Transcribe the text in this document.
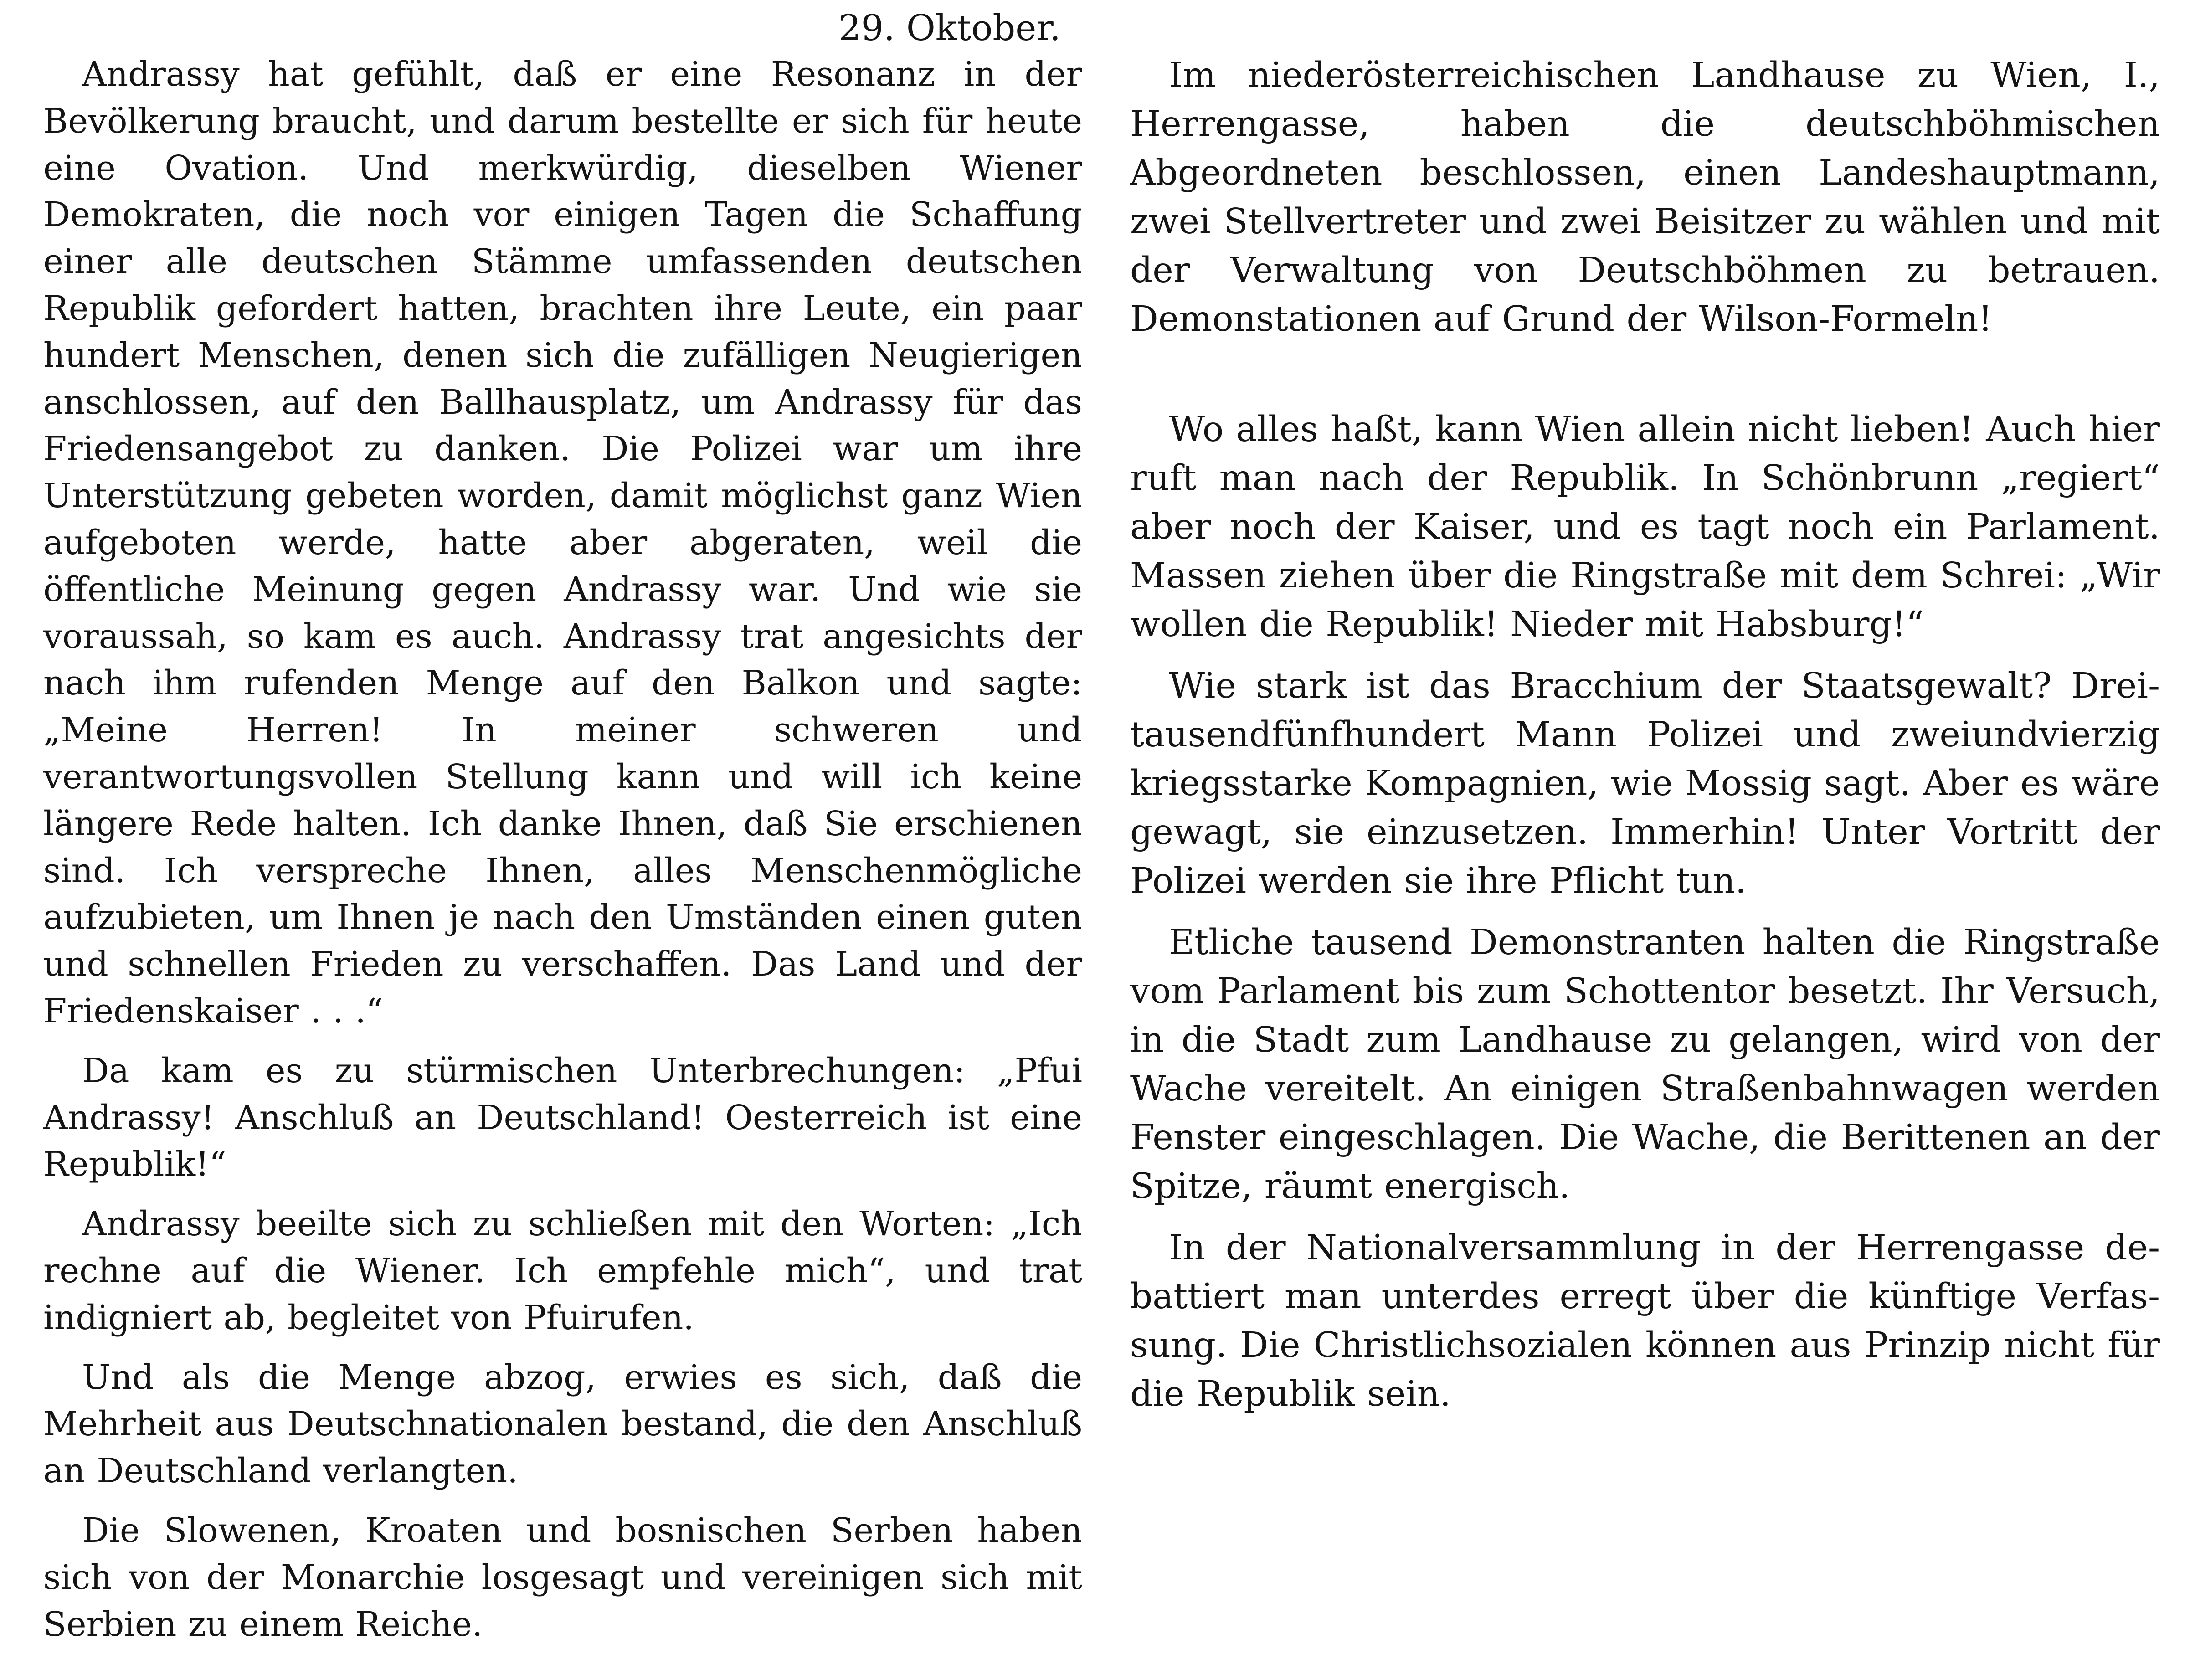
29. Oktober.

Andrassy hat gefühlt, daß er eine Resonanz in der Bevölkerung braucht, und darum bestellte er sich für heute eine Ovation. Und merkwürdig, dieselben Wiener Demokraten, die noch vor einigen Tagen die Schaffung einer alle deutschen Stämme umfassenden deutschen Republik gefordert hatten, brachten ihre Leute, ein paar hundert Menschen, denen sich die zufälligen Neugierigen anschlossen, auf den Ballhausplatz, um Andrassy für das Friedensangebot zu danken. Die Polizei war um ihre Unterstützung gebeten worden, damit möglichst ganz Wien aufgeboten werde, hatte aber abgeraten, weil die öffentliche Meinung gegen Andrassy war. Und wie sie voraussah, so kam es auch. Andrassy trat angesichts der nach ihm rufenden Menge auf den Balkon und sagte: „Meine Herren! In meiner schweren und verantwortungsvollen Stellung kann und will ich keine längere Rede halten. Ich danke Ihnen, daß Sie erschienen sind. Ich verspreche Ihnen, alles Menschenmögliche aufzubieten, um Ihnen je nach den Umständen einen guten und schnellen Frieden zu verschaffen. Das Land und der Friedenskaiser . . .“

Da kam es zu stürmischen Unterbrechungen: „Pfui Andrassy! Anschluß an Deutschland! Oesterreich ist eine Republik!“

Andrassy beeilte sich zu schließen mit den Worten: „Ich rechne auf die Wiener. Ich empfehle mich“, und trat indigniert ab, begleitet von Pfuirufen.

Und als die Menge abzog, erwies es sich, daß die Mehrheit aus Deutschnationalen bestand, die den Anschluß an Deutschland verlangten.

Die Slowenen, Kroaten und bosnischen Serben haben sich von der Monarchie losgesagt und vereinigen sich mit Serbien zu einem Reiche.

Im niederösterreichischen Landhause zu Wien, I., Herrengasse, haben die deutschböhmischen Abgeordneten beschlossen, einen Landeshauptmann, zwei Stellvertreter und zwei Beisitzer zu wählen und mit der Verwaltung von Deutschböhmen zu betrauen. Demonstationen auf Grund der Wilson-Formeln!

Wo alles haßt, kann Wien allein nicht lieben! Auch hier ruft man nach der Republik. In Schönbrunn „regiert“ aber noch der Kaiser, und es tagt noch ein Parlament. Massen ziehen über die Ringstraße mit dem Schrei: „Wir wollen die Republik! Nieder mit Habsburg!“

Wie stark ist das Bracchium der Staatsgewalt? Dreitausendfünfhundert Mann Polizei und zweiundvierzig kriegsstarke Kompagnien, wie Mossig sagt. Aber es wäre gewagt, sie einzusetzen. Immerhin! Unter Vortritt der Polizei werden sie ihre Pflicht tun.

Etliche tausend Demonstranten halten die Ringstraße vom Parlament bis zum Schottentor besetzt. Ihr Versuch, in die Stadt zum Landhause zu gelangen, wird von der Wache vereitelt. An einigen Straßenbahnwagen werden Fenster eingeschlagen. Die Wache, die Berittenen an der Spitze, räumt energisch.

In der Nationalversammlung in der Herrengasse debattiert man unterdes erregt über die künftige Verfassung. Die Christlichsozialen können aus Prinzip nicht für die Republik sein.
